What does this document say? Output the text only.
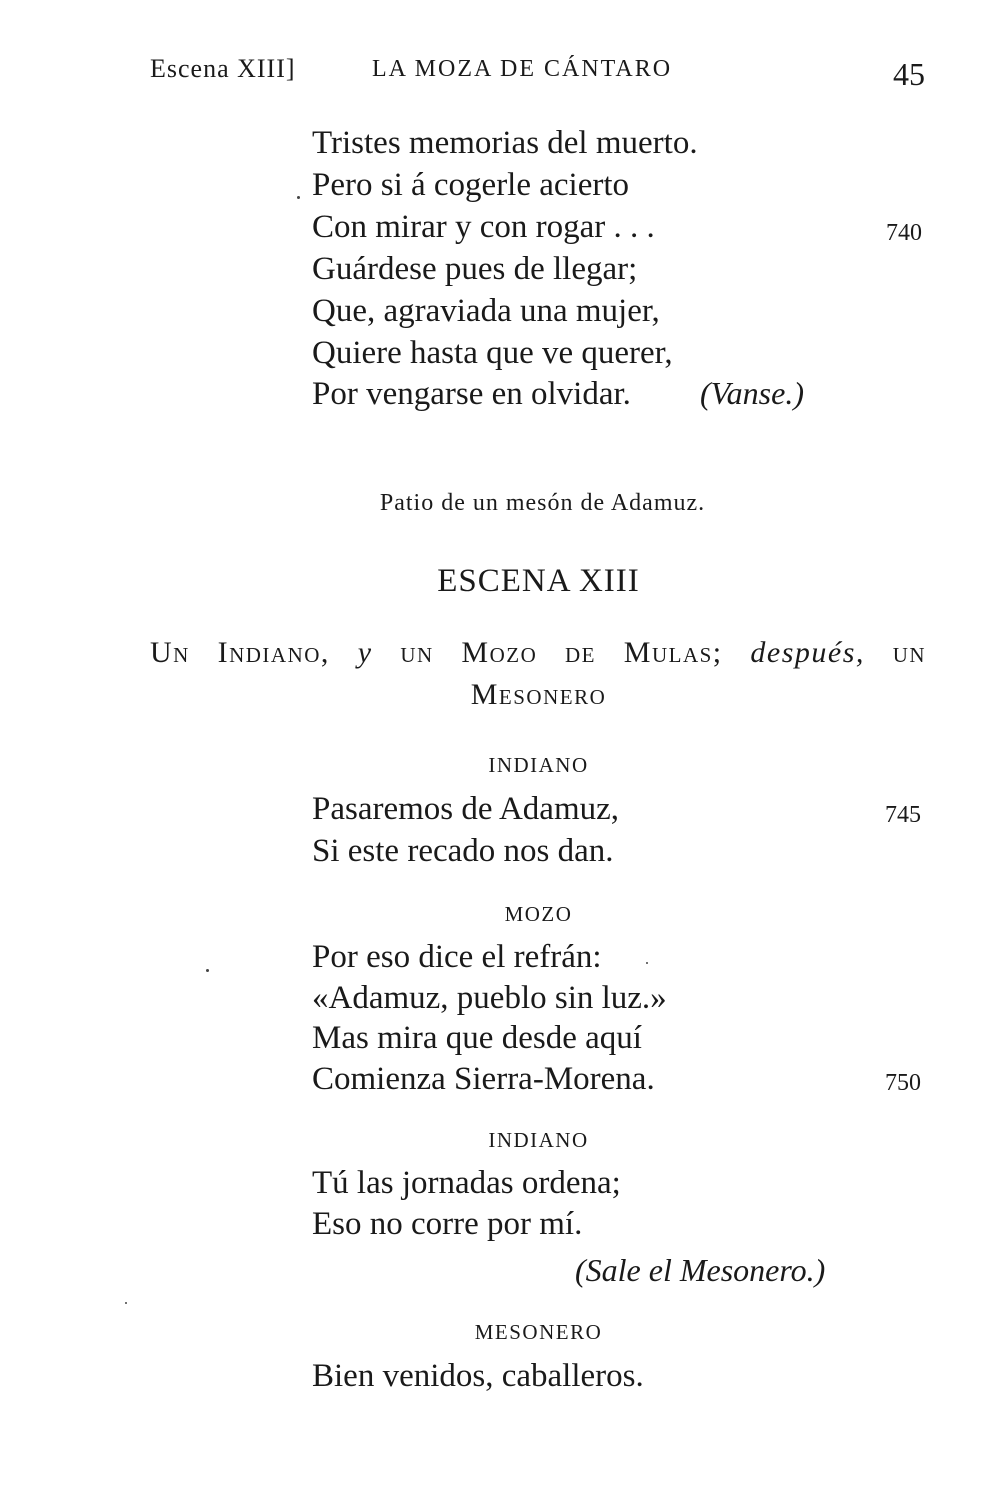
Escena XIII]	LA MOZA DE CÁNTARO	45
Tristes memorias del muerto.
Pero si á cogerle acierto
Con mirar y con rogar . . .	740
Guárdese pues de llegar;
Que, agraviada una mujer,
Quiere hasta que ve querer,
Por vengarse en olvidar. (Vanse.)
Patio de un mesón de Adamuz.
ESCENA XIII
Un Indiano, y un Mozo de Mulas; después, un
Mesonero
INDIANO
Pasaremos de Adamuz,	745
Si este recado nos dan.
MOZO
Por eso dice el refrán:
«Adamuz, pueblo sin luz.»
Mas mira que desde aquí
Comienza Sierra-Morena.	750
INDIANO
Tú las jornadas ordena;
Eso no corre por mí.
(Sale el Mesonero.)
MESONERO
Bien venidos, caballeros.
